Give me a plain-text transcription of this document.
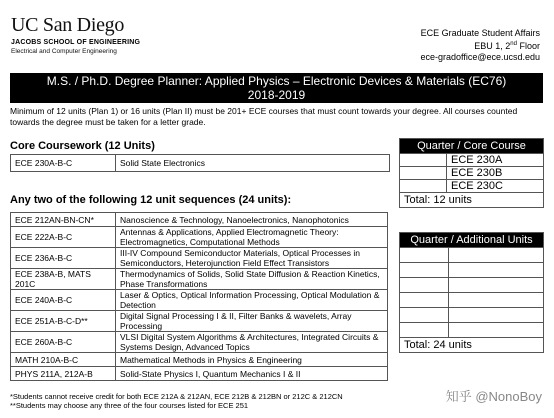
UC San Diego
JACOBS SCHOOL OF ENGINEERING
Electrical and Computer Engineering
ECE Graduate Student Affairs
EBU 1, 2nd Floor
ece-gradoffice@ece.ucsd.edu
M.S. / Ph.D. Degree Planner: Applied Physics – Electronic Devices & Materials (EC76)
2018-2019
Minimum of 12 units (Plan 1) or 16 units (Plan II) must be 201+ ECE courses that must count towards your degree. All courses counted towards the degree must be taken for a letter grade.
Core Coursework (12 Units)
ECE 230A-B-C	Solid State Electronics
Any two of the following 12 unit sequences (24 units):
ECE 212AN-BN-CN*	Nanoscience & Technology, Nanoelectronics, Nanophotonics
ECE 222A-B-C	Antennas & Applications, Applied Electromagnetic Theory: Electromagnetics, Computational Methods
ECE 236A-B-C	III-IV Compound Semiconductor Materials, Optical Processes in Semiconductors, Heterojunction Field Effect Transistors
ECE 238A-B, MATS 201C	Thermodynamics of Solids, Solid State Diffusion & Reaction Kinetics, Phase Transformations
ECE 240A-B-C	Laser & Optics, Optical Information Processing, Optical Modulation & Detection
ECE 251A-B-C-D**	Digital Signal Processing I & II, Filter Banks & wavelets, Array Processing
ECE 260A-B-C	VLSI Digital System Algorithms & Architectures, Integrated Circuits & Systems Design, Advanced Topics
MATH 210A-B-C	Mathematical Methods in Physics & Engineering
PHYS 211A, 212A-B	Solid-State Physics I, Quantum Mechanics I & II
*Students cannot receive credit for both ECE 212A & 212AN, ECE 212B & 212BN or 212C & 212CN
**Students may choose any three of the four courses listed for ECE 251
Quarter / Core Course	
	ECE 230A
	ECE 230B
	ECE 230C
Total: 12 units	
Quarter / Additional Units	

Total: 24 units	
知乎 @NonoBoy
